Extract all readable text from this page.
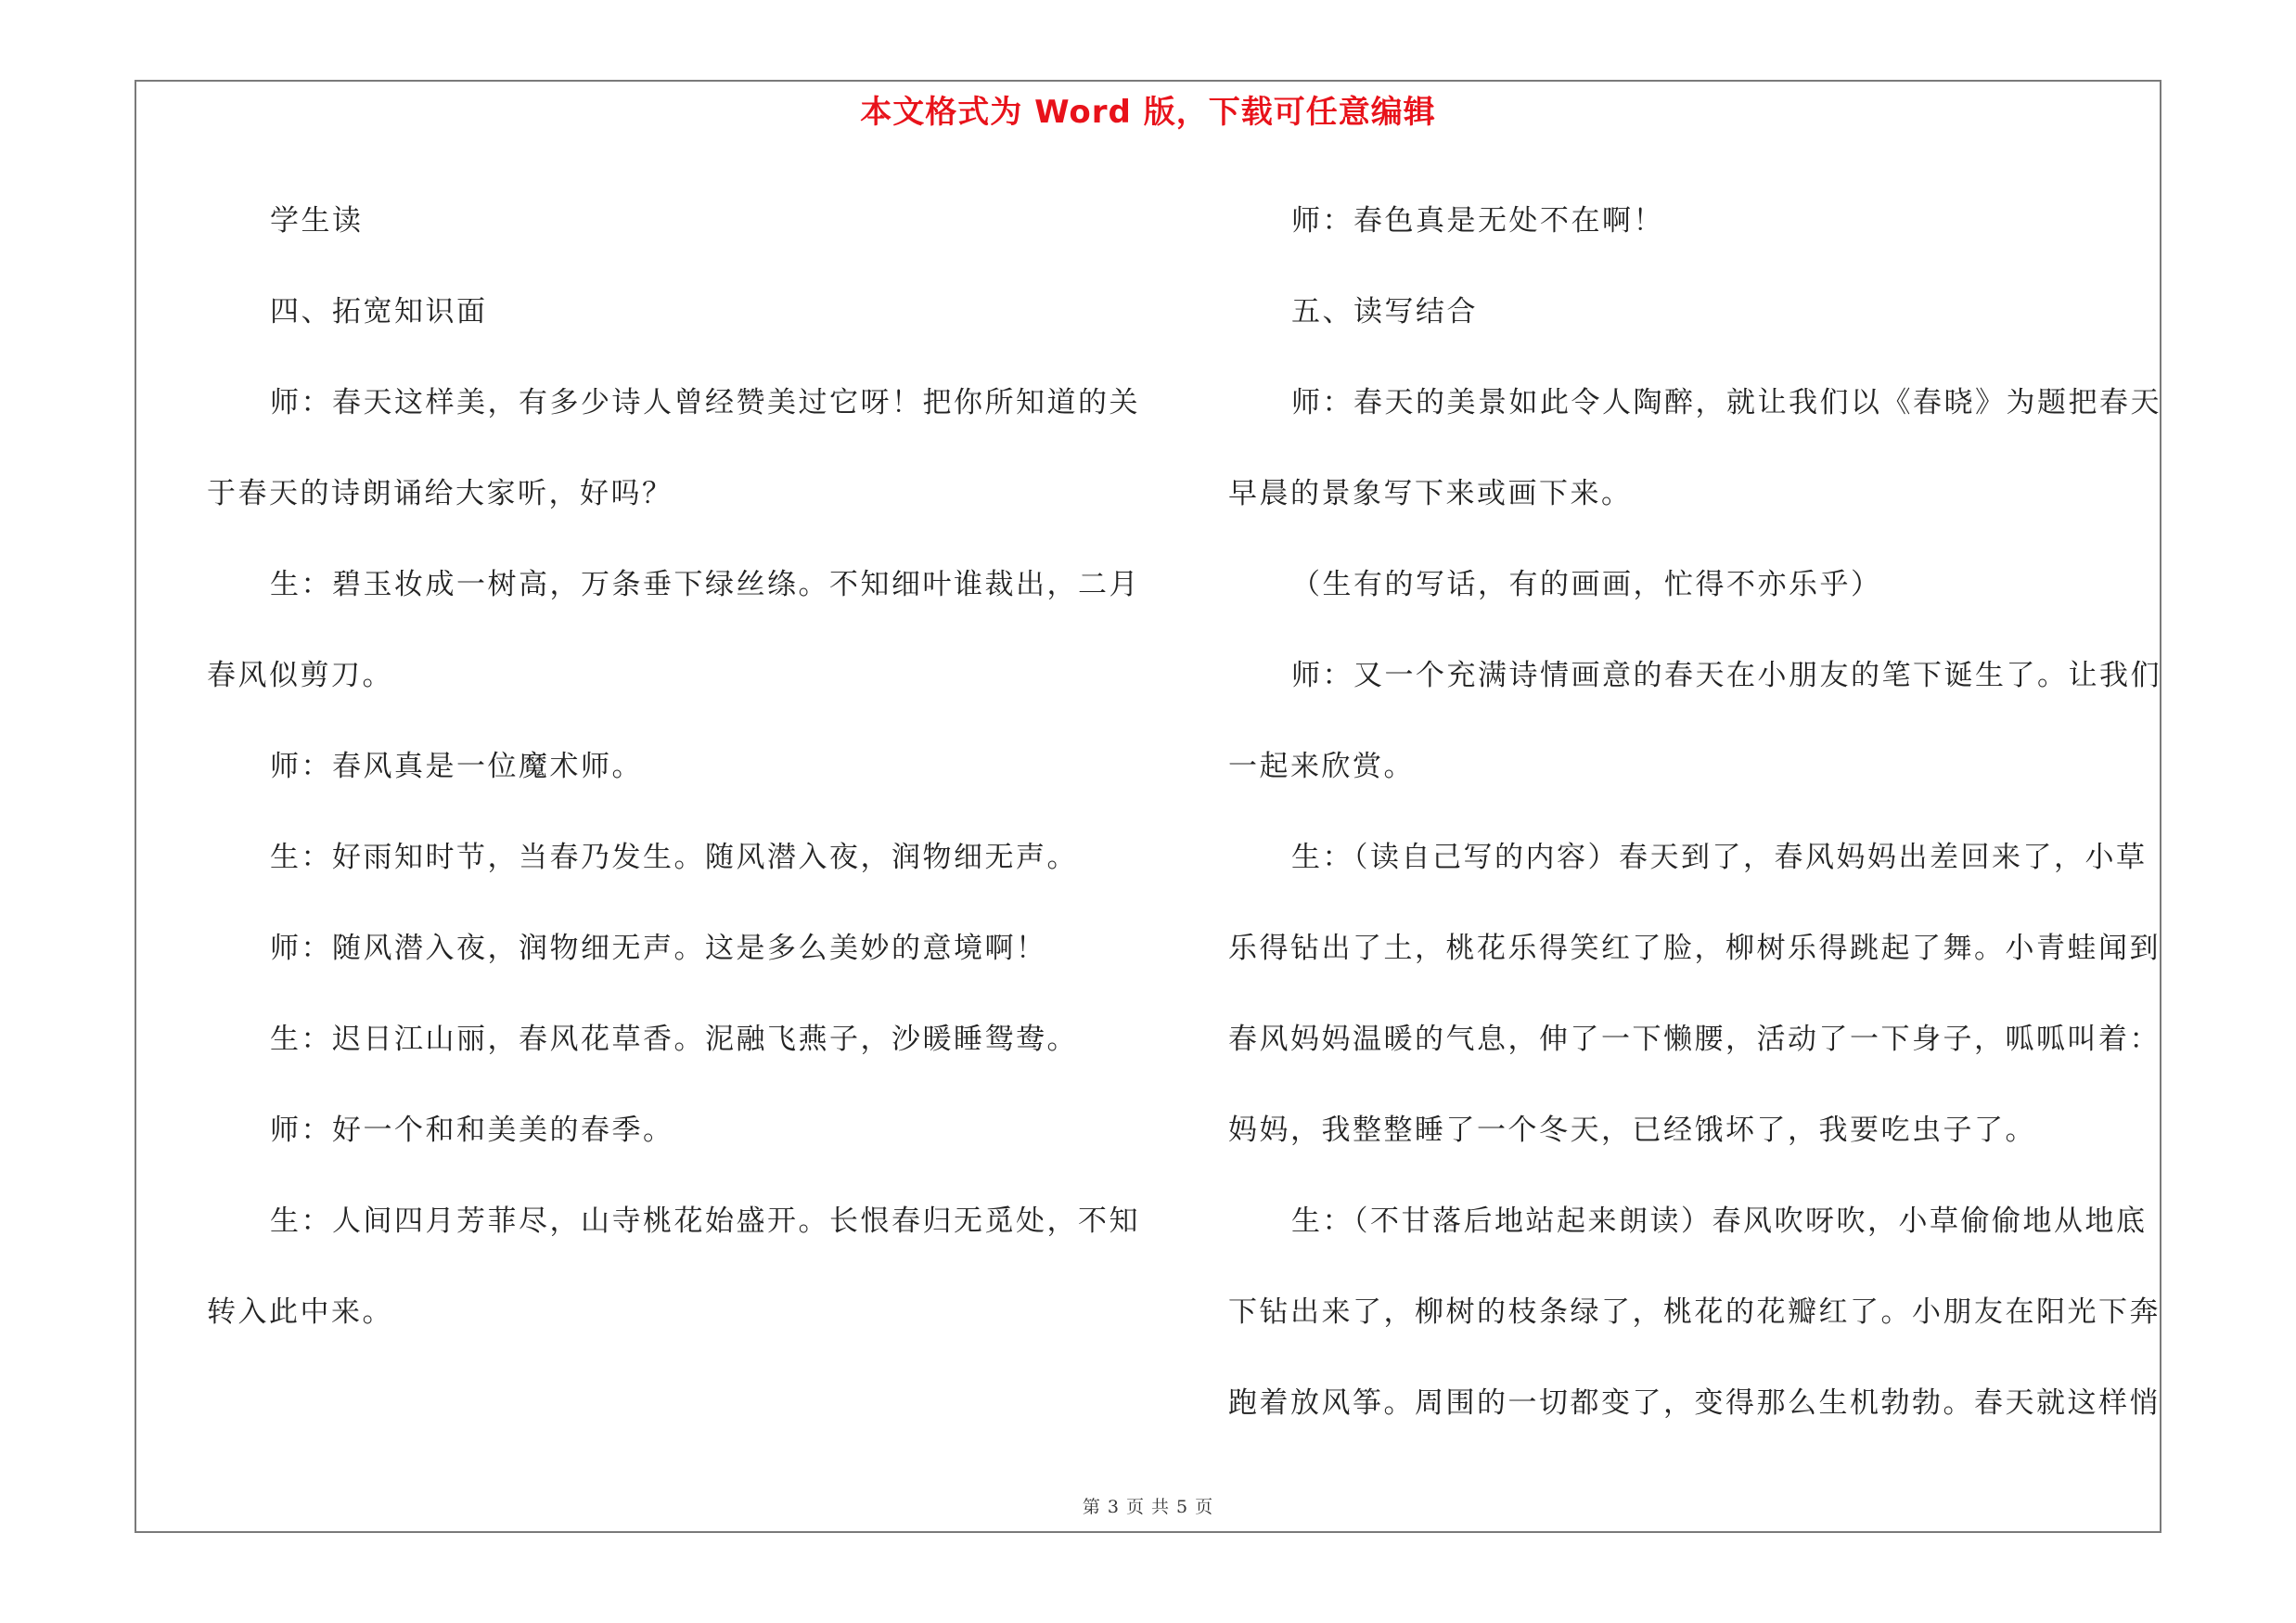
本文格式为 Word 版，下载可任意编辑

学生读

四、拓宽知识面

师：春天这样美，有多少诗人曾经赞美过它呀！把你所知道的关

于春天的诗朗诵给大家听，好吗？

生：碧玉妆成一树高，万条垂下绿丝绦。不知细叶谁裁出，二月

春风似剪刀。

师：春风真是一位魔术师。

生：好雨知时节，当春乃发生。随风潜入夜，润物细无声。

师：随风潜入夜，润物细无声。这是多么美妙的意境啊！

生：迟日江山丽，春风花草香。泥融飞燕子，沙暖睡鸳鸯。

师：好一个和和美美的春季。

生：人间四月芳菲尽，山寺桃花始盛开。长恨春归无觅处，不知

转入此中来。

师：春色真是无处不在啊！

五、读写结合

师：春天的美景如此令人陶醉，就让我们以《春晓》为题把春天

早晨的景象写下来或画下来。

（生有的写话，有的画画，忙得不亦乐乎）

师：又一个充满诗情画意的春天在小朋友的笔下诞生了。让我们

一起来欣赏。

生：（读自己写的内容）春天到了，春风妈妈出差回来了，小草

乐得钻出了土，桃花乐得笑红了脸，柳树乐得跳起了舞。小青蛙闻到

春风妈妈温暖的气息，伸了一下懒腰，活动了一下身子，呱呱叫着：

妈妈，我整整睡了一个冬天，已经饿坏了，我要吃虫子了。

生：（不甘落后地站起来朗读）春风吹呀吹，小草偷偷地从地底

下钻出来了，柳树的枝条绿了，桃花的花瓣红了。小朋友在阳光下奔

跑着放风筝。周围的一切都变了，变得那么生机勃勃。春天就这样悄

第 3 页 共 5 页
